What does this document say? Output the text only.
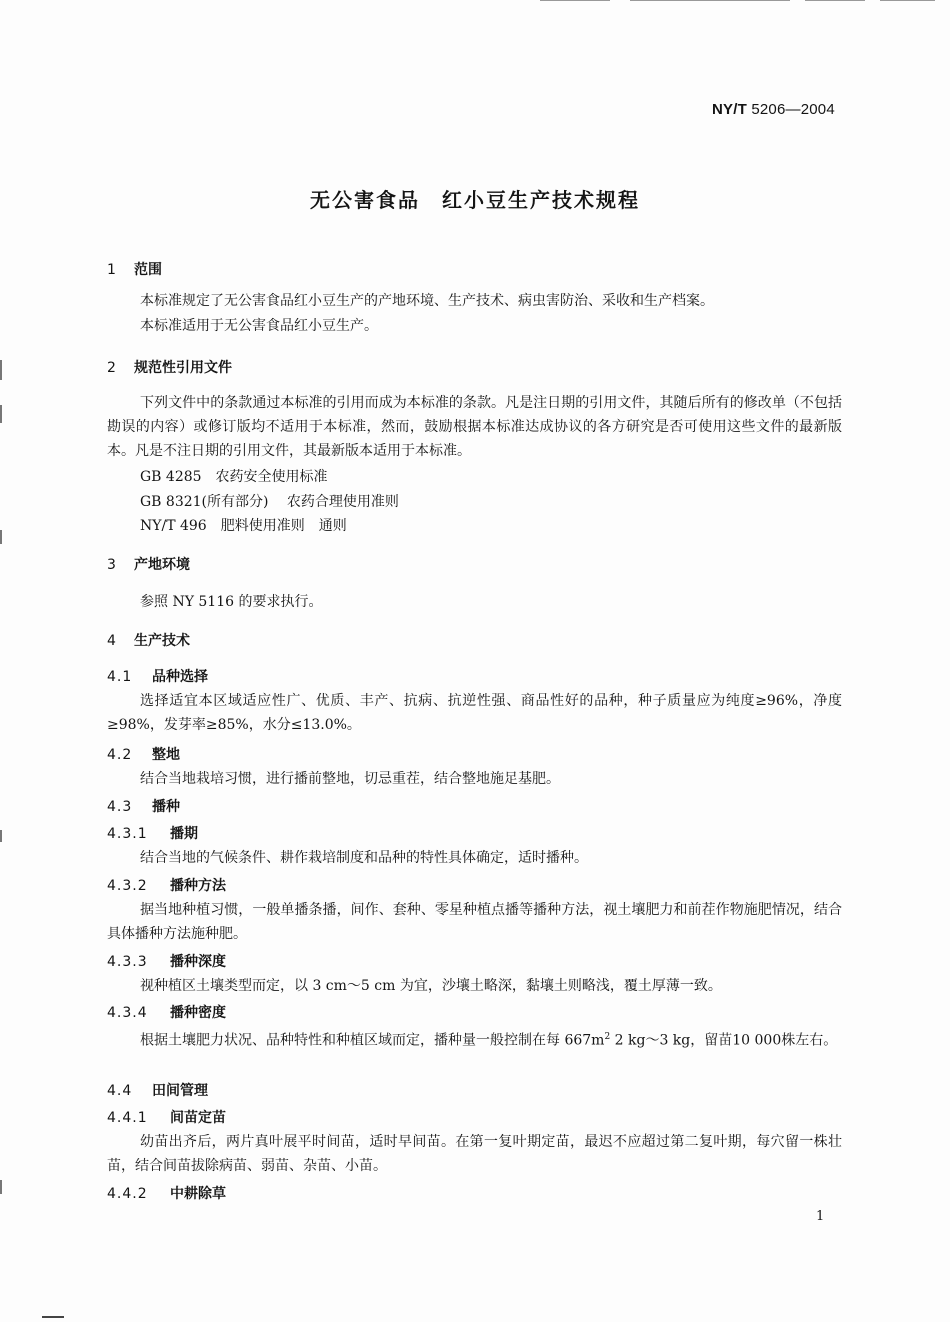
NY/T 5206—2004
无公害食品　红小豆生产技术规程
1 范围
本标准规定了无公害食品红小豆生产的产地环境、生产技术、病虫害防治、采收和生产档案。
本标准适用于无公害食品红小豆生产。
2 规范性引用文件
下列文件中的条款通过本标准的引用而成为本标准的条款。凡是注日期的引用文件，其随后所有的修改单（不包括勘误的内容）或修订版均不适用于本标准，然而，鼓励根据本标准达成协议的各方研究是否可使用这些文件的最新版本。凡是不注日期的引用文件，其最新版本适用于本标准。
GB 4285　农药安全使用标准
GB 8321(所有部分)　 农药合理使用准则
NY/T 496　肥料使用准则　通则
3 产地环境
参照 NY 5116 的要求执行。
4 生产技术
4.1 品种选择
选择适宜本区域适应性广、优质、丰产、抗病、抗逆性强、商品性好的品种，种子质量应为纯度≥96%，净度≥98%，发芽率≥85%，水分≤13.0%。
4.2 整地
结合当地栽培习惯，进行播前整地，切忌重茬，结合整地施足基肥。
4.3 播种
4.3.1 播期
结合当地的气候条件、耕作栽培制度和品种的特性具体确定，适时播种。
4.3.2 播种方法
据当地种植习惯，一般单播条播，间作、套种、零星种植点播等播种方法，视土壤肥力和前茬作物施肥情况，结合具体播种方法施种肥。
4.3.3 播种深度
视种植区土壤类型而定，以 3 cm～5 cm 为宜，沙壤土略深，黏壤土则略浅，覆土厚薄一致。
4.3.4 播种密度
根据土壤肥力状况、品种特性和种植区域而定，播种量一般控制在每 $667m^2$ 2 kg～3 kg，留苗10 000株左右。
4.4 田间管理
4.4.1 间苗定苗
幼苗出齐后，两片真叶展平时间苗，适时早间苗。在第一复叶期定苗，最迟不应超过第二复叶期，每穴留一株壮苗，结合间苗拔除病苗、弱苗、杂苗、小苗。
4.4.2 中耕除草
1
